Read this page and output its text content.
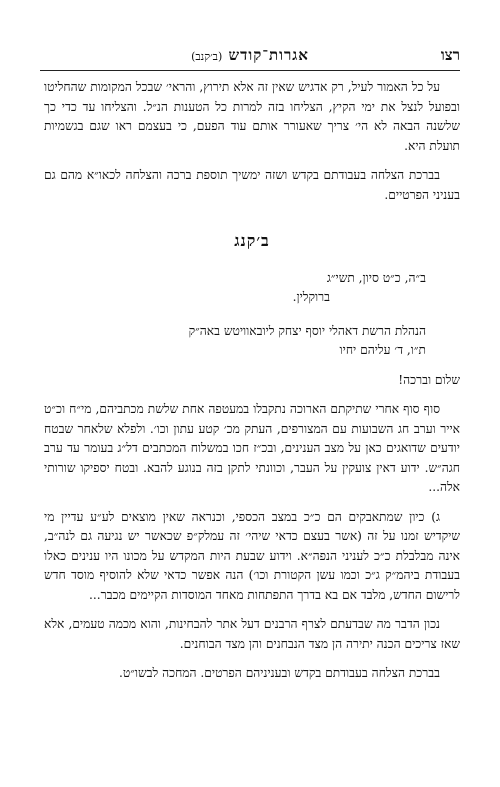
רצו
אגרות־קודש (ב׳קנב)

על כל האמור לעיל, רק אדגיש שאין זה אלא תירוץ, והראי׳ שבכל המקומות שהחליטו ובפועל לנצל את ימי הקיץ, הצליחו בזה למרות כל הטענות הנ״ל. והצליחו עד כדי כך שלשנה הבאה לא הי׳ צריך שאעורר אותם עוד הפעם, כי בעצמם ראו שגם בגשמיות תועלת היא.

בברכת הצלחה בעבודתם בקדש ושזה ימשיך תוספת ברכה והצלחה לכאו״א מהם גם בעניני הפרטיים.

ב׳קנג
ב״ה, כ״ט סיון, תשי״ג
ברוקלין.
הנהלת הרשת דאהלי יוסף יצחק ליובאוויטש באה״ק
ת״ו, ד׳ עליהם יחיו
שלום וברכה!

סוף סוף אחרי שתיקתם הארוכה נתקבלו במעטפה אחת שלשת מכתביהם, מי״ח וכ״ט אייר וערב חג השבועות עם המצורפים, העתק מכ׳ קטע עתון וכו׳. ולפלא שלאחר שבטח יודעים שדואגים כאן על מצב הענינים, ובכ״ז חכו במשלוח המכתבים דל״ג בעומר עד ערב חגה״ש. ידוע דאין צועקין על העבר, וכוונתי לתקן בזה בנוגע להבא. ובטח יספיקו שורותי אלה...

ג) כיון שמתאבקים הם כ״כ במצב הכספי, וכנראה שאין מוצאים לע״ע עדיין מי שיקדיש זמנו על זה (אשר בעצם כדאי שיהי׳ זה עמלק״פ שכאשר יש נגיעה גם לנה״ב, אינה מבלבלת כ״כ לעניני הנפה״א. וידוע שבעת היות המקדש על מכונו היו ענינים כאלו בעבודת ביהמ״ק ג״כ וכמו עשן הקטורת וכו׳) הנה אפשר כדאי שלא להוסיף מוסד חדש לרישום החדש, מלבד אם בא בדרך התפתחות מאחד המוסדות הקיימים מכבר...

נכון הדבר מה שבדעתם לצרף הרבנים דעל אתר להבחינות, והוא מכמה טעמים, אלא שאז צריכים הכנה יתירה הן מצד הנבחנים והן מצד הבוחנים.

בברכת הצלחה בעבודתם בקדש ובעניניהם הפרטים. המחכה לבשו״ט.
